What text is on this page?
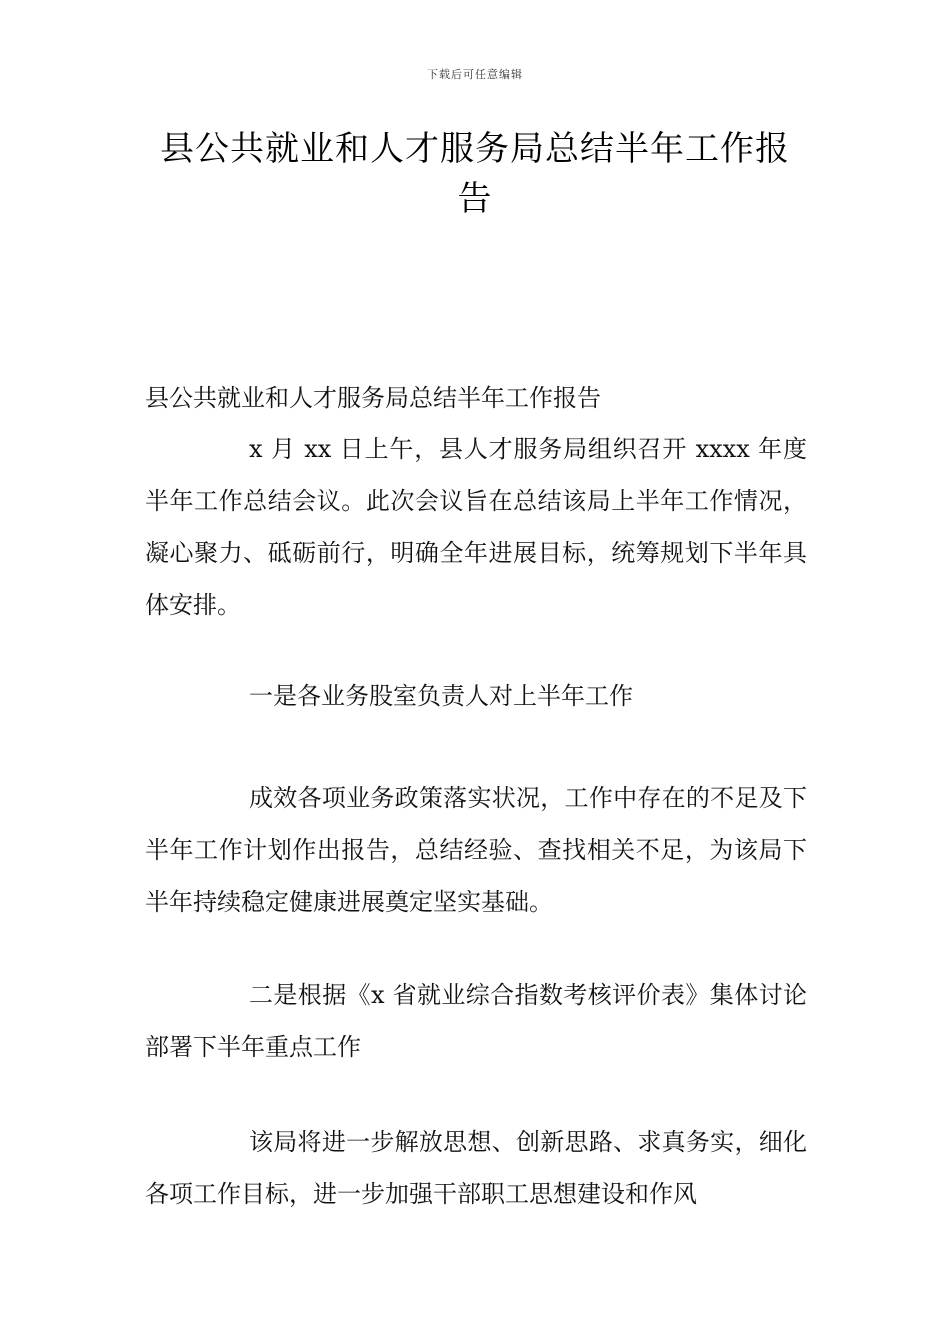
下载后可任意编辑
县公共就业和人才服务局总结半年工作报告

县公共就业和人才服务局总结半年工作报告

x 月 xx 日上午，县人才服务局组织召开 xxxx 年度半年工作总结会议。此次会议旨在总结该局上半年工作情况，凝心聚力、砥砺前行，明确全年进展目标，统筹规划下半年具体安排。

一是各业务股室负责人对上半年工作

成效各项业务政策落实状况，工作中存在的不足及下半年工作计划作出报告，总结经验、查找相关不足，为该局下半年持续稳定健康进展奠定坚实基础。

二是根据《x 省就业综合指数考核评价表》集体讨论部署下半年重点工作

该局将进一步解放思想、创新思路、求真务实，细化各项工作目标，进一步加强干部职工思想建设和作风
